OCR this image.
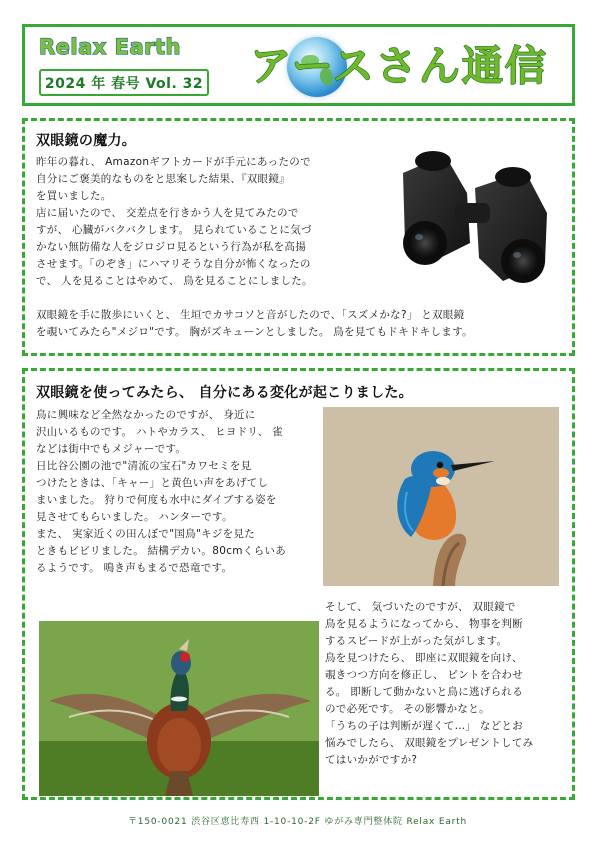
Relax Earth
2024 年 春号 Vol. 32	アースさん通信
双眼鏡の魔力。
昨年の暮れ、 Amazonギフトカードが手元にあったので
自分にご褒美的なものをと思案した結果、『双眼鏡』
を買いました。
店に届いたので、 交差点を行きかう人を見てみたので
すが、 心臓がバクバクします。 見られていることに気づ
かない無防備な人をジロジロ見るという行為が私を高揚
させます。「のぞき」にハマリそうな自分が怖くなったの
で、 人を見ることはやめて、 鳥を見ることにしました。
双眼鏡を手に散歩にいくと、 生垣でカサコソと音がしたので、「スズメかな?」 と双眼鏡
を覗いてみたら"メジロ"です。 胸がズキューンとしました。 鳥を見てもドキドキします。
双眼鏡を使ってみたら、 自分にある変化が起こりました。
鳥に興味など全然なかったのですが、 身近に
沢山いるものです。 ハトやカラス、 ヒヨドリ、 雀
などは街中でもメジャーです。
日比谷公園の池で"清流の宝石"カワセミを見
つけたときは、「キャー」と黄色い声をあげてし
まいました。 狩りで何度も水中にダイブする姿を
見させてもらいました。 ハンターです。
また、 実家近くの田んぼで"国鳥"キジを見た
ときもビビリました。 結構デカい。80cmくらいあ
るようです。 鳴き声もまるで恐竜です。
そして、 気づいたのですが、 双眼鏡で
鳥を見るようになってから、 物事を判断
するスピードが上がった気がします。
鳥を見つけたら、 即座に双眼鏡を向け、
覗きつつ方向を修正し、 ピントを合わせ
る。 即断して動かないと鳥に逃げられる
ので必死です。 その影響かなと。
「うちの子は判断が遅くて…」 などとお
悩みでしたら、 双眼鏡をプレゼントしてみ
てはいかがですか?
〒150-0021 渋谷区恵比寿西 1-10-10-2F ゆがみ専門整体院 Relax Earth
